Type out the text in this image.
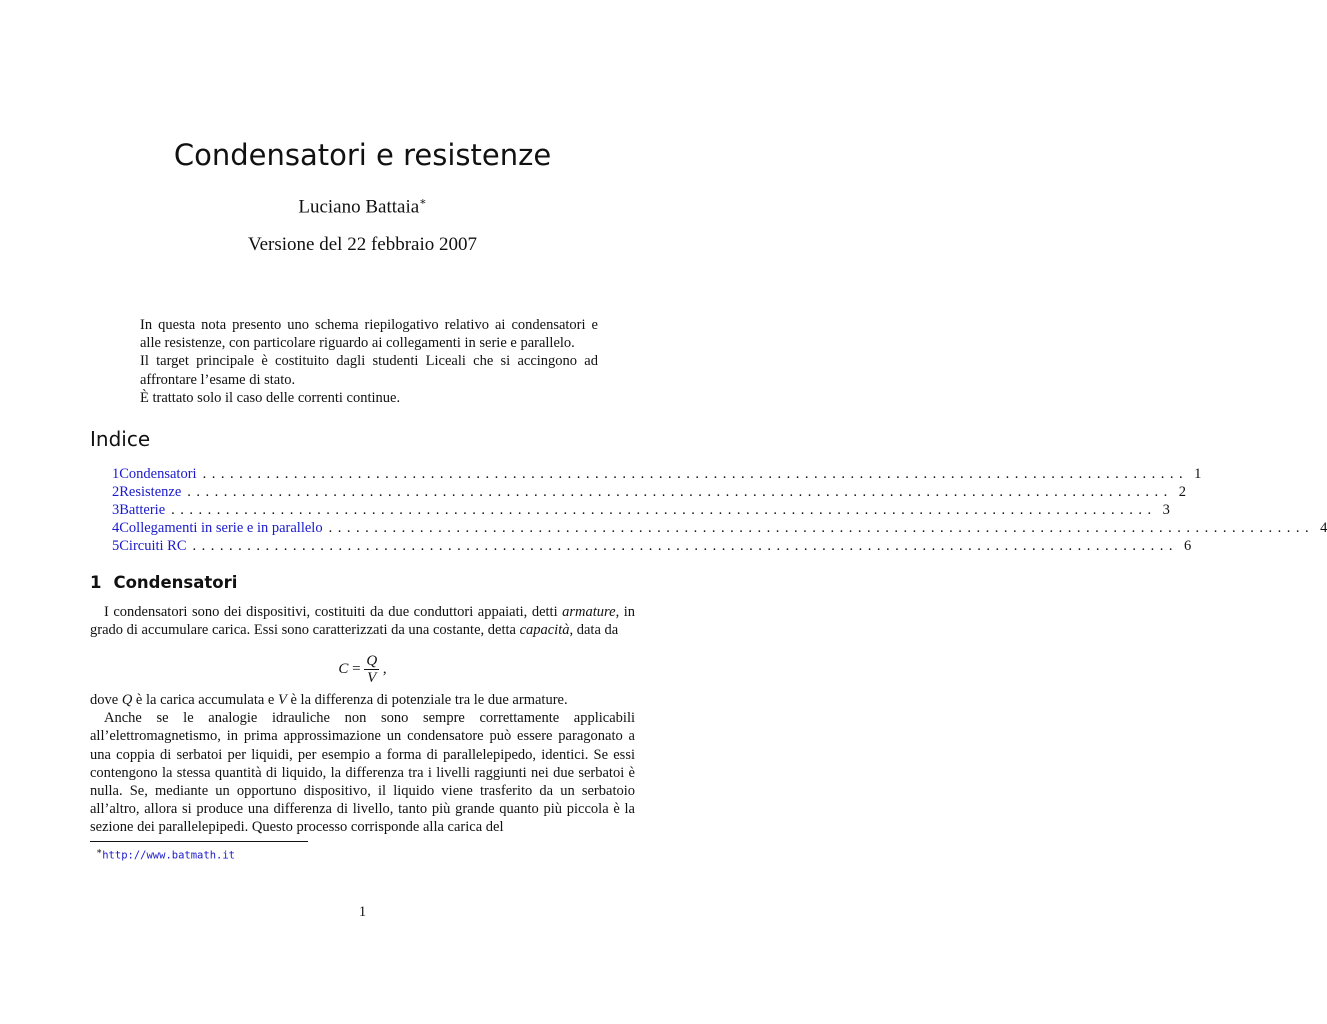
Condensatori e resistenze
Luciano Battaia∗
Versione del 22 febbraio 2007

In questa nota presento uno schema riepilogativo relativo ai condensatori e alle resistenze, con particolare riguardo ai collegamenti in serie e parallelo.

Il target principale è costituito dagli studenti Liceali che si accingono ad affrontare l’esame di stato.

È trattato solo il caso delle correnti continue.

Indice
1 Condensatori ............................................................................................................ 1
2 Resistenze ............................................................................................................ 2
3 Batterie ............................................................................................................ 3
4 Collegamenti in serie e in parallelo ............................................................................................................ 4
5 Circuiti RC ............................................................................................................ 6
1 Condensatori

I condensatori sono dei dispositivi, costituiti da due conduttori appaiati, detti armature, in grado di accumulare carica. Essi sono caratterizzati da una costante, detta capacità, data da

$C = \frac{Q}{V}$ ,

dove Q è la carica accumulata e V è la differenza di potenziale tra le due armature.

Anche se le analogie idrauliche non sono sempre correttamente applicabili all’elettromagnetismo, in prima approssimazione un condensatore può essere paragonato a una coppia di serbatoi per liquidi, per esempio a forma di parallelepipedo, identici. Se essi contengono la stessa quantità di liquido, la differenza tra i livelli raggiunti nei due serbatoi è nulla. Se, mediante un opportuno dispositivo, il liquido viene trasferito da un serbatoio all’altro, allora si produce una differenza di livello, tanto più grande quanto più piccola è la sezione dei parallelepipedi. Questo processo corrisponde alla carica del

∗http://www.batmath.it
1
